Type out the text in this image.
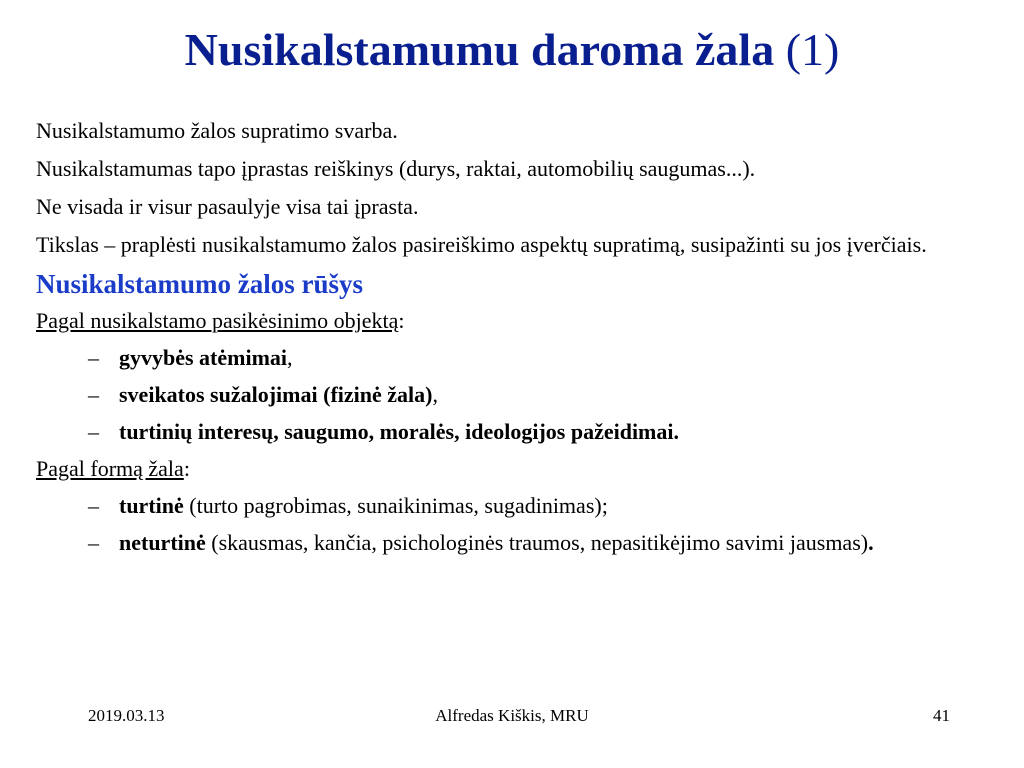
Nusikalstamumu daroma žala (1)
Nusikalstamumo žalos supratimo svarba.
Nusikalstamumas tapo įprastas reiškinys (durys, raktai, automobilių saugumas...).
Ne visada ir visur pasaulyje visa tai įprasta.
Tikslas – praplėsti nusikalstamumo žalos pasireiškimo aspektų supratimą, susipažinti su jos įverčiais.
Nusikalstamumo žalos rūšys
Pagal nusikalstamo pasikėsinimo objektą:
– gyvybės atėmimai,
– sveikatos sužalojimai (fizinė žala),
– turtinių interesų, saugumo, moralės, ideologijos pažeidimai.
Pagal formą žala:
– turtinė (turto pagrobimas, sunaikinimas, sugadinimas);
– neturtinė (skausmas, kančia, psichologinės traumos, nepasitikėjimo savimi jausmas).
2019.03.13	Alfredas Kiškis, MRU	41
